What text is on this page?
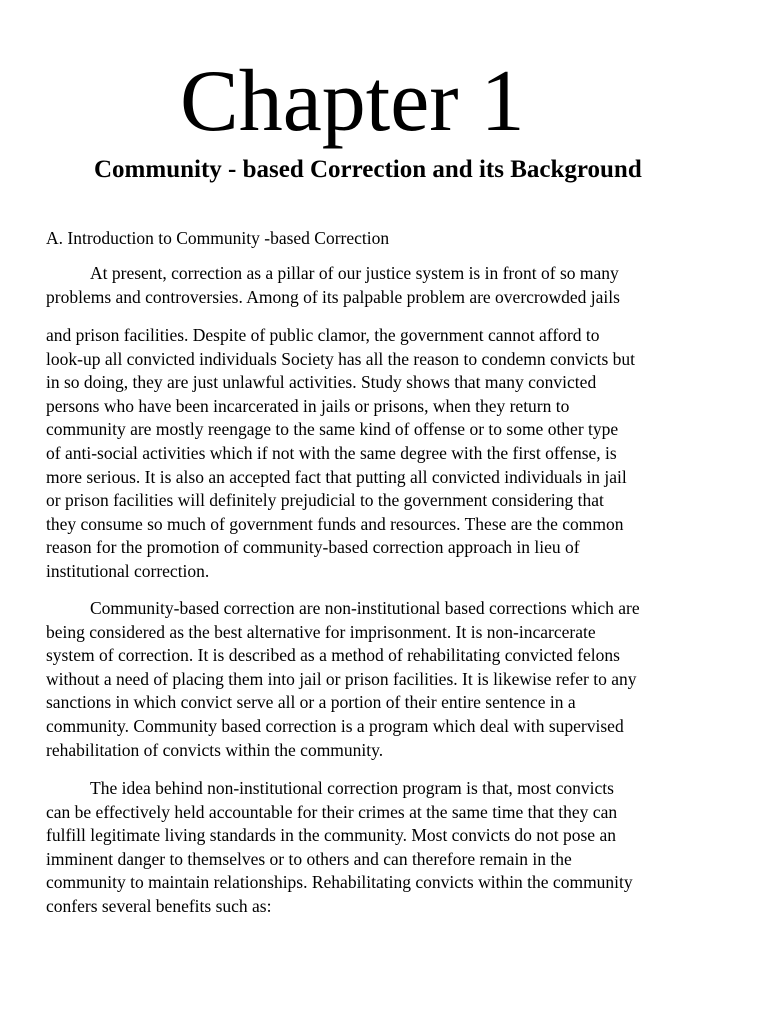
Chapter 1
Community - based Correction and its Background

A. Introduction to Community -based Correction

At present, correction as a pillar of our justice system is in front of so many
problems and controversies. Among of its palpable problem are overcrowded jails

and prison facilities. Despite of public clamor, the government cannot afford to
look-up all convicted individuals Society has all the reason to condemn convicts but
in so doing, they are just unlawful activities. Study shows that many convicted
persons who have been incarcerated in jails or prisons, when they return to
community are mostly reengage to the same kind of offense or to some other type
of anti-social activities which if not with the same degree with the first offense, is
more serious. It is also an accepted fact that putting all convicted individuals in jail
or prison facilities will definitely prejudicial to the government considering that
they consume so much of government funds and resources. These are the common
reason for the promotion of community-based correction approach in lieu of
institutional correction.

Community-based correction are non-institutional based corrections which are
being considered as the best alternative for imprisonment. It is non-incarcerate
system of correction. It is described as a method of rehabilitating convicted felons
without a need of placing them into jail or prison facilities. It is likewise refer to any
sanctions in which convict serve all or a portion of their entire sentence in a
community. Community based correction is a program which deal with supervised
rehabilitation of convicts within the community.

The idea behind non-institutional correction program is that, most convicts
can be effectively held accountable for their crimes at the same time that they can
fulfill legitimate living standards in the community. Most convicts do not pose an
imminent danger to themselves or to others and can therefore remain in the
community to maintain relationships. Rehabilitating convicts within the community
confers several benefits such as:
